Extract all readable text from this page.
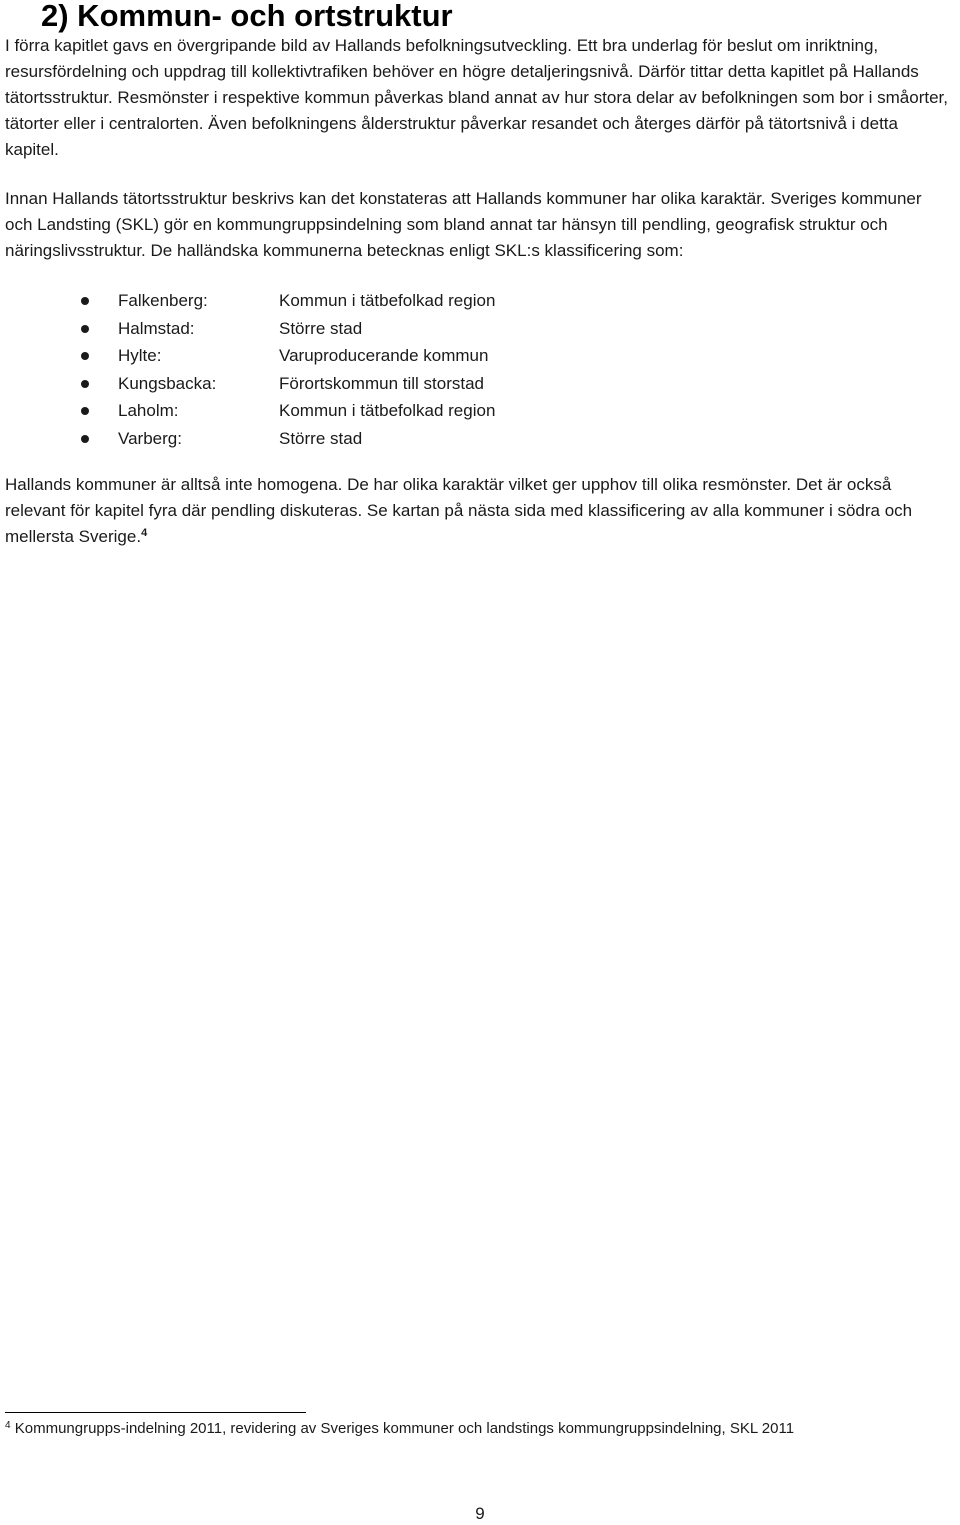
2) Kommun- och ortstruktur

I förra kapitlet gavs en övergripande bild av Hallands befolkningsutveckling. Ett bra underlag för beslut om inriktning, resursfördelning och uppdrag till kollektivtrafiken behöver en högre detaljeringsnivå. Därför tittar detta kapitlet på Hallands tätortsstruktur. Resmönster i respektive kommun påverkas bland annat av hur stora delar av befolkningen som bor i småorter, tätorter eller i centralorten. Även befolkningens ålderstruktur påverkar resandet och återges därför på tätortsnivå i detta kapitel.

Innan Hallands tätortsstruktur beskrivs kan det konstateras att Hallands kommuner har olika karaktär. Sveriges kommuner och Landsting (SKL) gör en kommungruppsindelning som bland annat tar hänsyn till pendling, geografisk struktur och näringslivsstruktur. De halländska kommunerna betecknas enligt SKL:s klassificering som:

Falkenberg:	Kommun i tätbefolkad region
Halmstad:	Större stad
Hylte:	Varuproducerande kommun
Kungsbacka:	Förortskommun till storstad
Laholm:	Kommun i tätbefolkad region
Varberg:	Större stad

Hallands kommuner är alltså inte homogena. De har olika karaktär vilket ger upphov till olika resmönster. Det är också relevant för kapitel fyra där pendling diskuteras. Se kartan på nästa sida med klassificering av alla kommuner i södra och mellersta Sverige.$^4$

$^4$ Kommungrupps-indelning 2011, revidering av Sveriges kommuner och landstings kommungruppsindelning, SKL 2011

9
